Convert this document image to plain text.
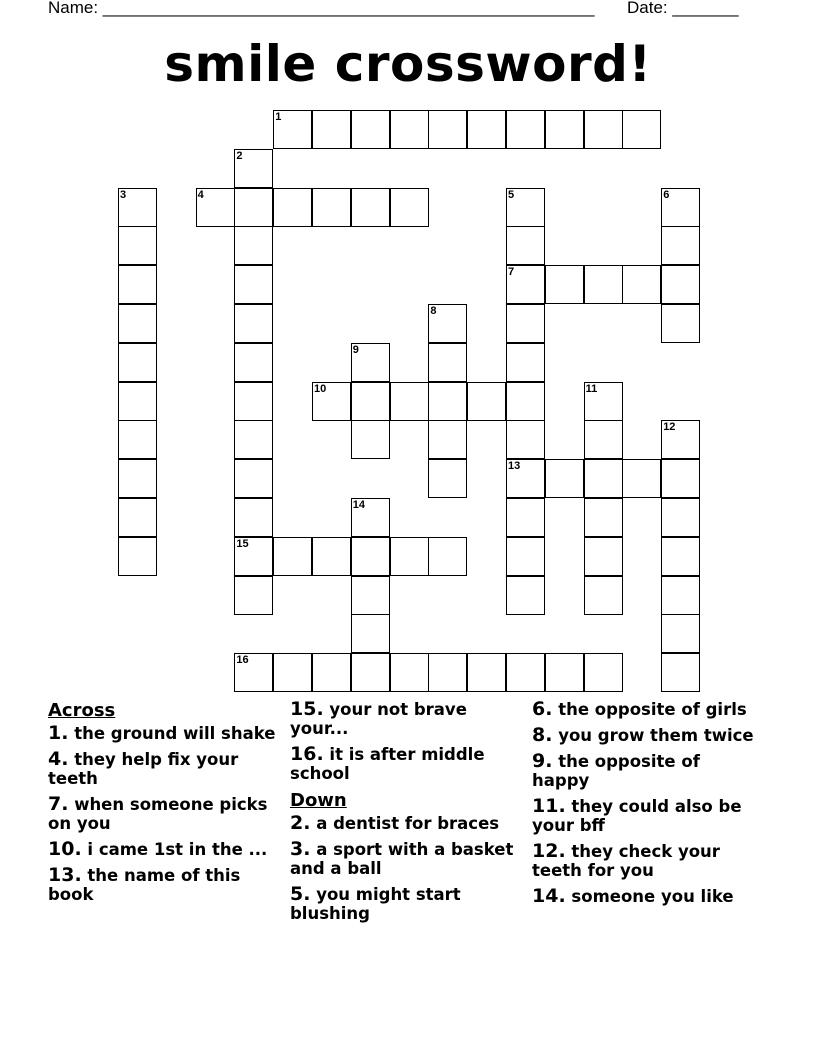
Name: ____________________________________________________ Date: _______
smile crossword!
1
2
15
3	4	5
7
13
6
8
9
10	11
12
14
16
Across
1. the ground will shake
4. they help fix your teeth
7. when someone picks on you
10. i came 1st in the ...
13. the name of this book
15. your not brave your...
16. it is after middle school
Down
2. a dentist for braces
3. a sport with a basket and a ball
5. you might start blushing
6. the opposite of girls
8. you grow them twice
9. the opposite of happy
11. they could also be your bff
12. they check your teeth for you
14. someone you like
